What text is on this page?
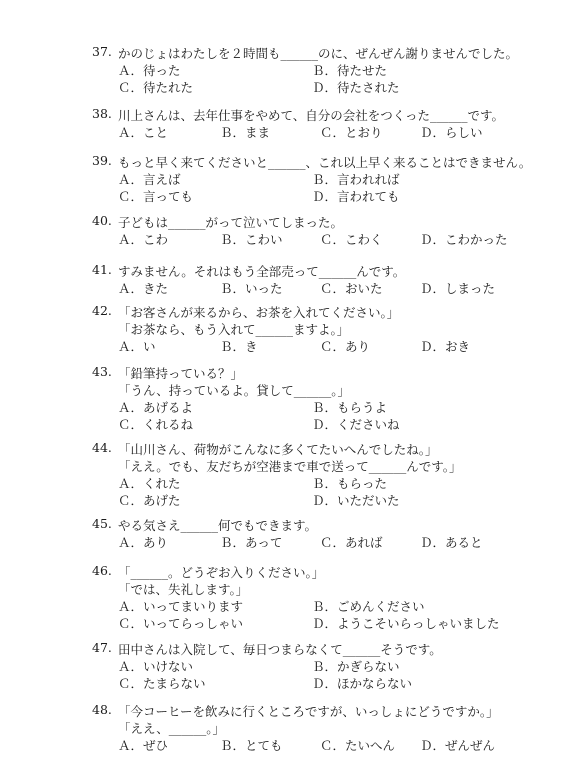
37. かのじょはわたしを２時間も______のに、ぜんぜん謝りませんでした。
Ａ．待った	Ｂ．待たせた
Ｃ．待たれた	Ｄ．待たされた
38. 川上さんは、去年仕事をやめて、自分の会社をつくった______です。
Ａ．こと	Ｂ．まま	Ｃ．とおり	Ｄ．らしい
39. もっと早く来てくださいと______、これ以上早く来ることはできません。
Ａ．言えば	Ｂ．言われれば
Ｃ．言っても	Ｄ．言われても
40. 子どもは______がって泣いてしまった。
Ａ．こわ	Ｂ．こわい	Ｃ．こわく	Ｄ．こわかった
41. すみません。それはもう全部売って______んです。
Ａ．きた	Ｂ．いった	Ｃ．おいた	Ｄ．しまった
42. 「お客さんが来るから、お茶を入れてください。」
「お茶なら、もう入れて______ますよ。」
Ａ．い	Ｂ．き	Ｃ．あり	Ｄ．おき
43. 「鉛筆持っている？」
「うん、持っているよ。貸して______。」
Ａ．あげるよ	Ｂ．もらうよ
Ｃ．くれるね	Ｄ．くださいね
44. 「山川さん、荷物がこんなに多くてたいへんでしたね。」
「ええ。でも、友だちが空港まで車で送って______んです。」
Ａ．くれた	Ｂ．もらった
Ｃ．あげた	Ｄ．いただいた
45. やる気さえ______何でもできます。
Ａ．あり	Ｂ．あって	Ｃ．あれば	Ｄ．あると
46. 「______。どうぞお入りください。」
「では、失礼します。」
Ａ．いってまいります	Ｂ．ごめんください
Ｃ．いってらっしゃい	Ｄ．ようこそいらっしゃいました
47. 田中さんは入院して、毎日つまらなくて______そうです。
Ａ．いけない	Ｂ．かぎらない
Ｃ．たまらない	Ｄ．ほかならない
48. 「今コーヒーを飲みに行くところですが、いっしょにどうですか。」
「ええ、______。」
Ａ．ぜひ	Ｂ．とても	Ｃ．たいへん Ｄ．ぜんぜん
